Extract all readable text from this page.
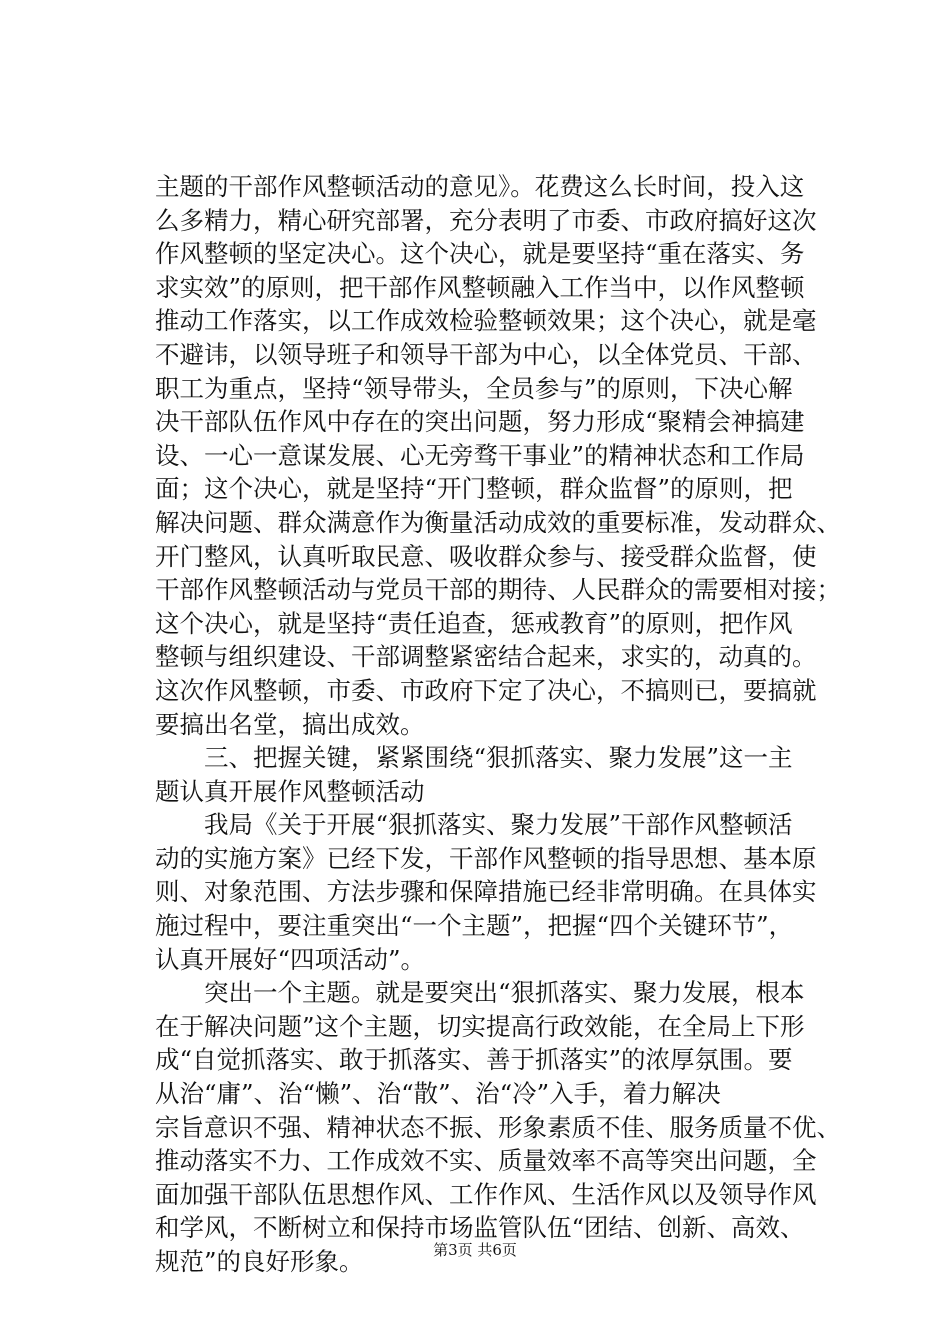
主题的干部作风整顿活动的意见》。花费这么长时间，投入这
么多精力，精心研究部署，充分表明了市委、市政府搞好这次
作风整顿的坚定决心。这个决心，就是要坚持“重在落实、务
求实效”的原则，把干部作风整顿融入工作当中，以作风整顿
推动工作落实，以工作成效检验整顿效果；这个决心，就是毫
不避讳，以领导班子和领导干部为中心，以全体党员、干部、
职工为重点，坚持“领导带头，全员参与”的原则，下决心解
决干部队伍作风中存在的突出问题，努力形成“聚精会神搞建
设、一心一意谋发展、心无旁骛干事业”的精神状态和工作局
面；这个决心，就是坚持“开门整顿，群众监督”的原则，把
解决问题、群众满意作为衡量活动成效的重要标准，发动群众、
开门整风，认真听取民意、吸收群众参与、接受群众监督，使
干部作风整顿活动与党员干部的期待、人民群众的需要相对接；
这个决心，就是坚持“责任追查，惩戒教育”的原则，把作风
整顿与组织建设、干部调整紧密结合起来，求实的，动真的。
这次作风整顿，市委、市政府下定了决心，不搞则已，要搞就
要搞出名堂，搞出成效。
三、把握关键，紧紧围绕“狠抓落实、聚力发展”这一主
题认真开展作风整顿活动
我局《关于开展“狠抓落实、聚力发展”干部作风整顿活
动的实施方案》已经下发，干部作风整顿的指导思想、基本原
则、对象范围、方法步骤和保障措施已经非常明确。在具体实
施过程中，要注重突出“一个主题”，把握“四个关键环节”，
认真开展好“四项活动”。
突出一个主题。就是要突出“狠抓落实、聚力发展，根本
在于解决问题”这个主题，切实提高行政效能，在全局上下形
成“自觉抓落实、敢于抓落实、善于抓落实”的浓厚氛围。要
从治“庸”、治“懒”、治“散”、治“冷”入手，着力解决
宗旨意识不强、精神状态不振、形象素质不佳、服务质量不优、
推动落实不力、工作成效不实、质量效率不高等突出问题，全
面加强干部队伍思想作风、工作作风、生活作风以及领导作风
和学风，不断树立和保持市场监管队伍“团结、创新、高效、
规范”的良好形象。	第3页 共6页
